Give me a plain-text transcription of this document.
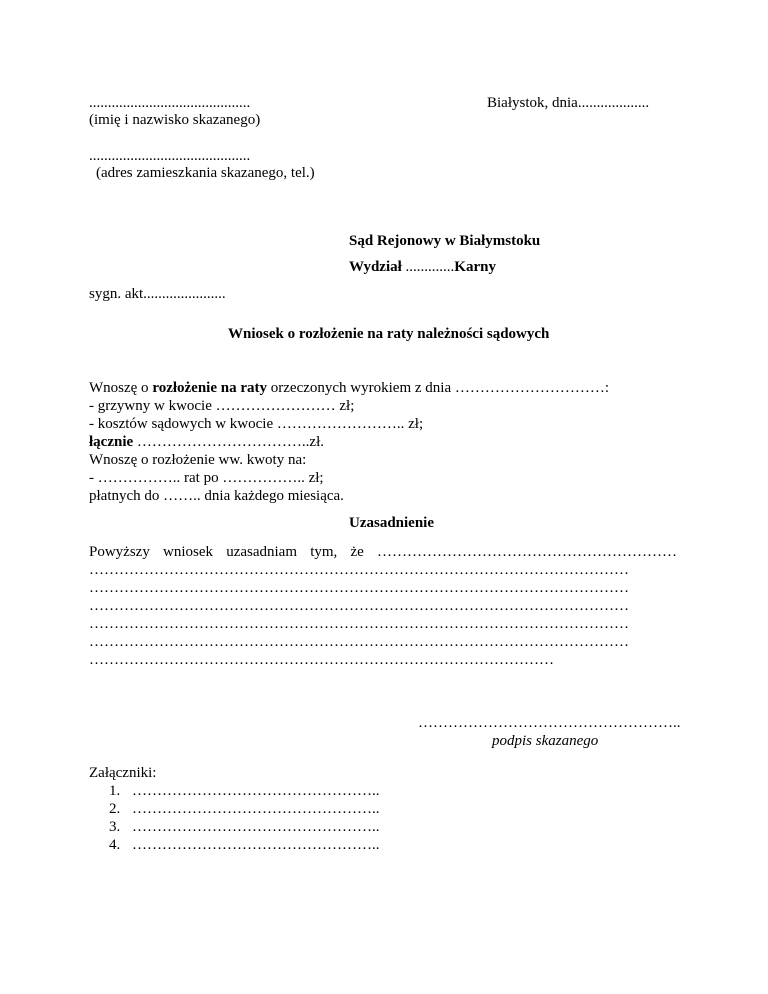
...........................................
(imię i nazwisko skazanego)
Białystok, dnia...................
...........................................
(adres zamieszkania skazanego, tel.)
Sąd Rejonowy w Białymstoku
Wydział .............Karny
sygn. akt......................
Wniosek o rozłożenie na raty należności sądowych
Wnoszę o rozłożenie na raty orzeczonych wyrokiem z dnia …………………………:
- grzywny w kwocie …………………… zł;
- kosztów sądowych w kwocie …………………….. zł;
łącznie ……………………………..zł.
Wnoszę o rozłożenie ww. kwoty na:
- …………….. rat po …………….. zł;
płatnych do …….. dnia każdego miesiąca.
Uzasadnienie
Powyższy wniosek uzasadniam tym, że ……………………………………………………
………………………………………………………………………………………………
………………………………………………………………………………………………
………………………………………………………………………………………………
………………………………………………………………………………………………
………………………………………………………………………………………………
…………………………………………………………………………………
……………………………………………..
podpis skazanego
Załączniki:
1. …………………………………………..
2. …………………………………………..
3. …………………………………………..
4. …………………………………………..
